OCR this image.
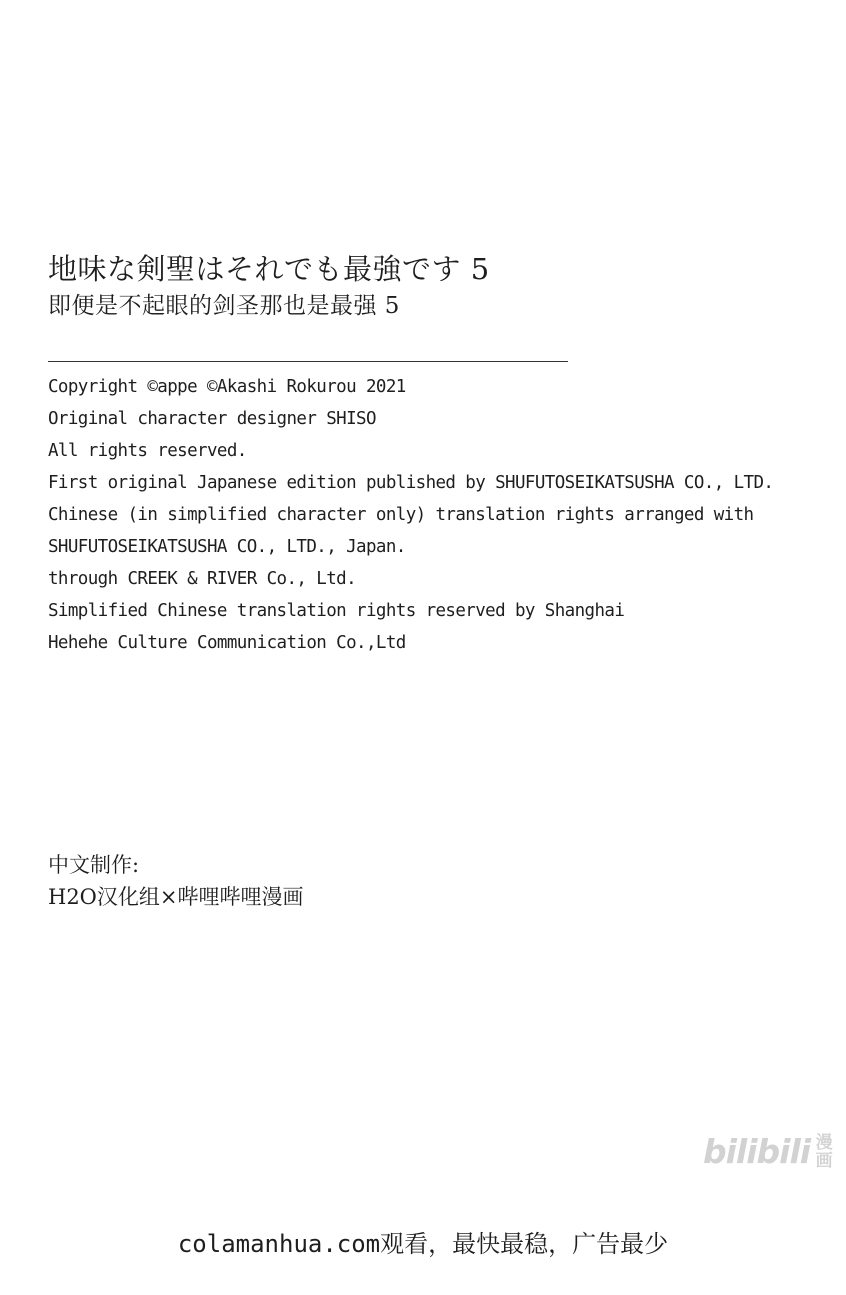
地味な剣聖はそれでも最強です 5
即便是不起眼的剑圣那也是最强 5
Copyright ©appe ©Akashi Rokurou 2021
Original character designer SHISO
All rights reserved.
First original Japanese edition published by SHUFUTOSEIKATSUSHA CO., LTD.
Chinese (in simplified character only) translation rights arranged with
SHUFUTOSEIKATSUSHA CO., LTD., Japan.
through CREEK & RIVER Co., Ltd.
Simplified Chinese translation rights reserved by Shanghai
Hehehe Culture Communication Co.,Ltd
中文制作:
H2O汉化组×哔哩哔哩漫画
bilibili 漫
画
colamanhua.com观看，最快最稳，广告最少
